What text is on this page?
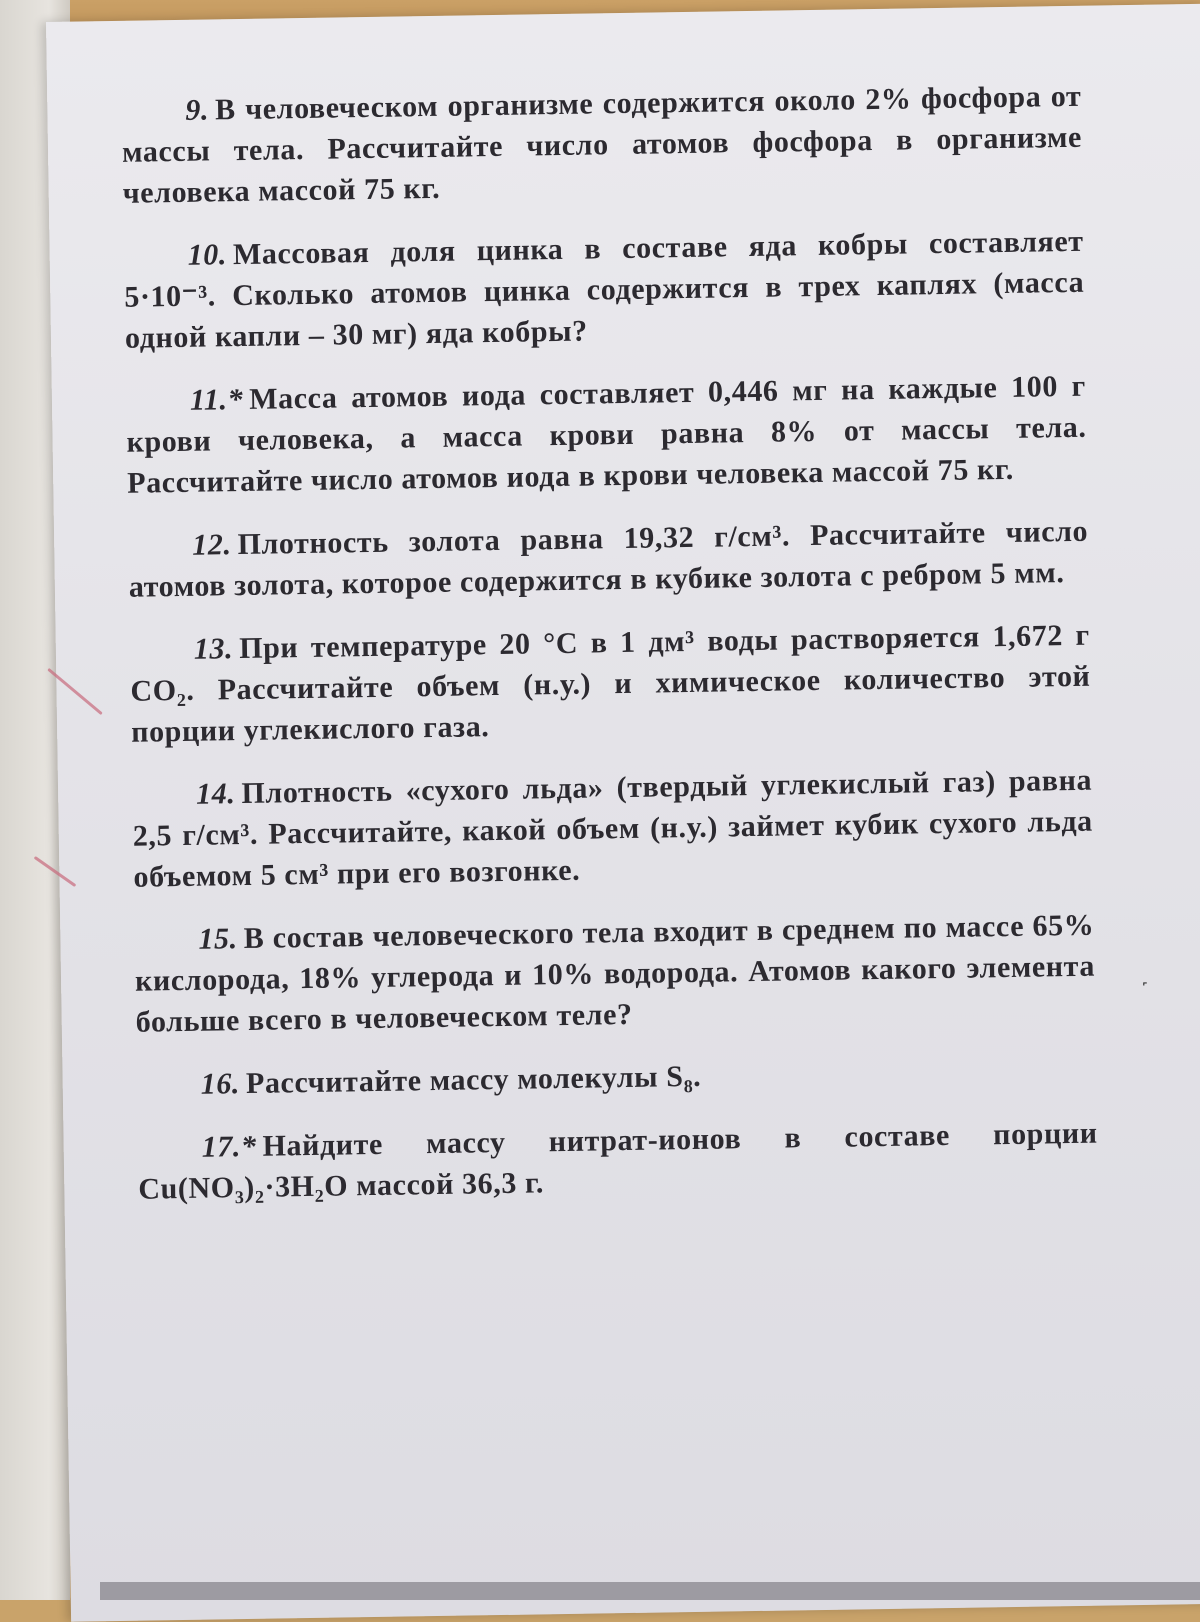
9. В человеческом организме содержится около 2% фосфора от массы тела. Рассчитайте число атомов фосфора в организме человека массой 75 кг.

10. Массовая доля цинка в составе яда кобры составляет 5·10⁻³. Сколько атомов цинка содержится в трех каплях (масса одной капли – 30 мг) яда кобры?

11.* Масса атомов иода составляет 0,446 мг на каждые 100 г крови человека, а масса крови равна 8% от массы тела. Рассчитайте число атомов иода в крови человека массой 75 кг.

12. Плотность золота равна 19,32 г/см³. Рассчитайте число атомов золота, которое содержится в кубике золота с ребром 5 мм.

13. При температуре 20 °С в 1 дм³ воды растворяется 1,672 г CO₂. Рассчитайте объем (н.у.) и химическое количество этой порции углекислого газа.

14. Плотность «сухого льда» (твердый углекислый газ) равна 2,5 г/см³. Рассчитайте, какой объем (н.у.) займет кубик сухого льда объемом 5 см³ при его возгонке.

15. В состав человеческого тела входит в среднем по массе 65% кислорода, 18% углерода и 10% водорода. Атомов какого элемента больше всего в человеческом теле?

16. Рассчитайте массу молекулы S₈.

17.* Найдите массу нитрат-ионов в составе порции Cu(NO₃)₂·3H₂O массой 36,3 г.

˹
